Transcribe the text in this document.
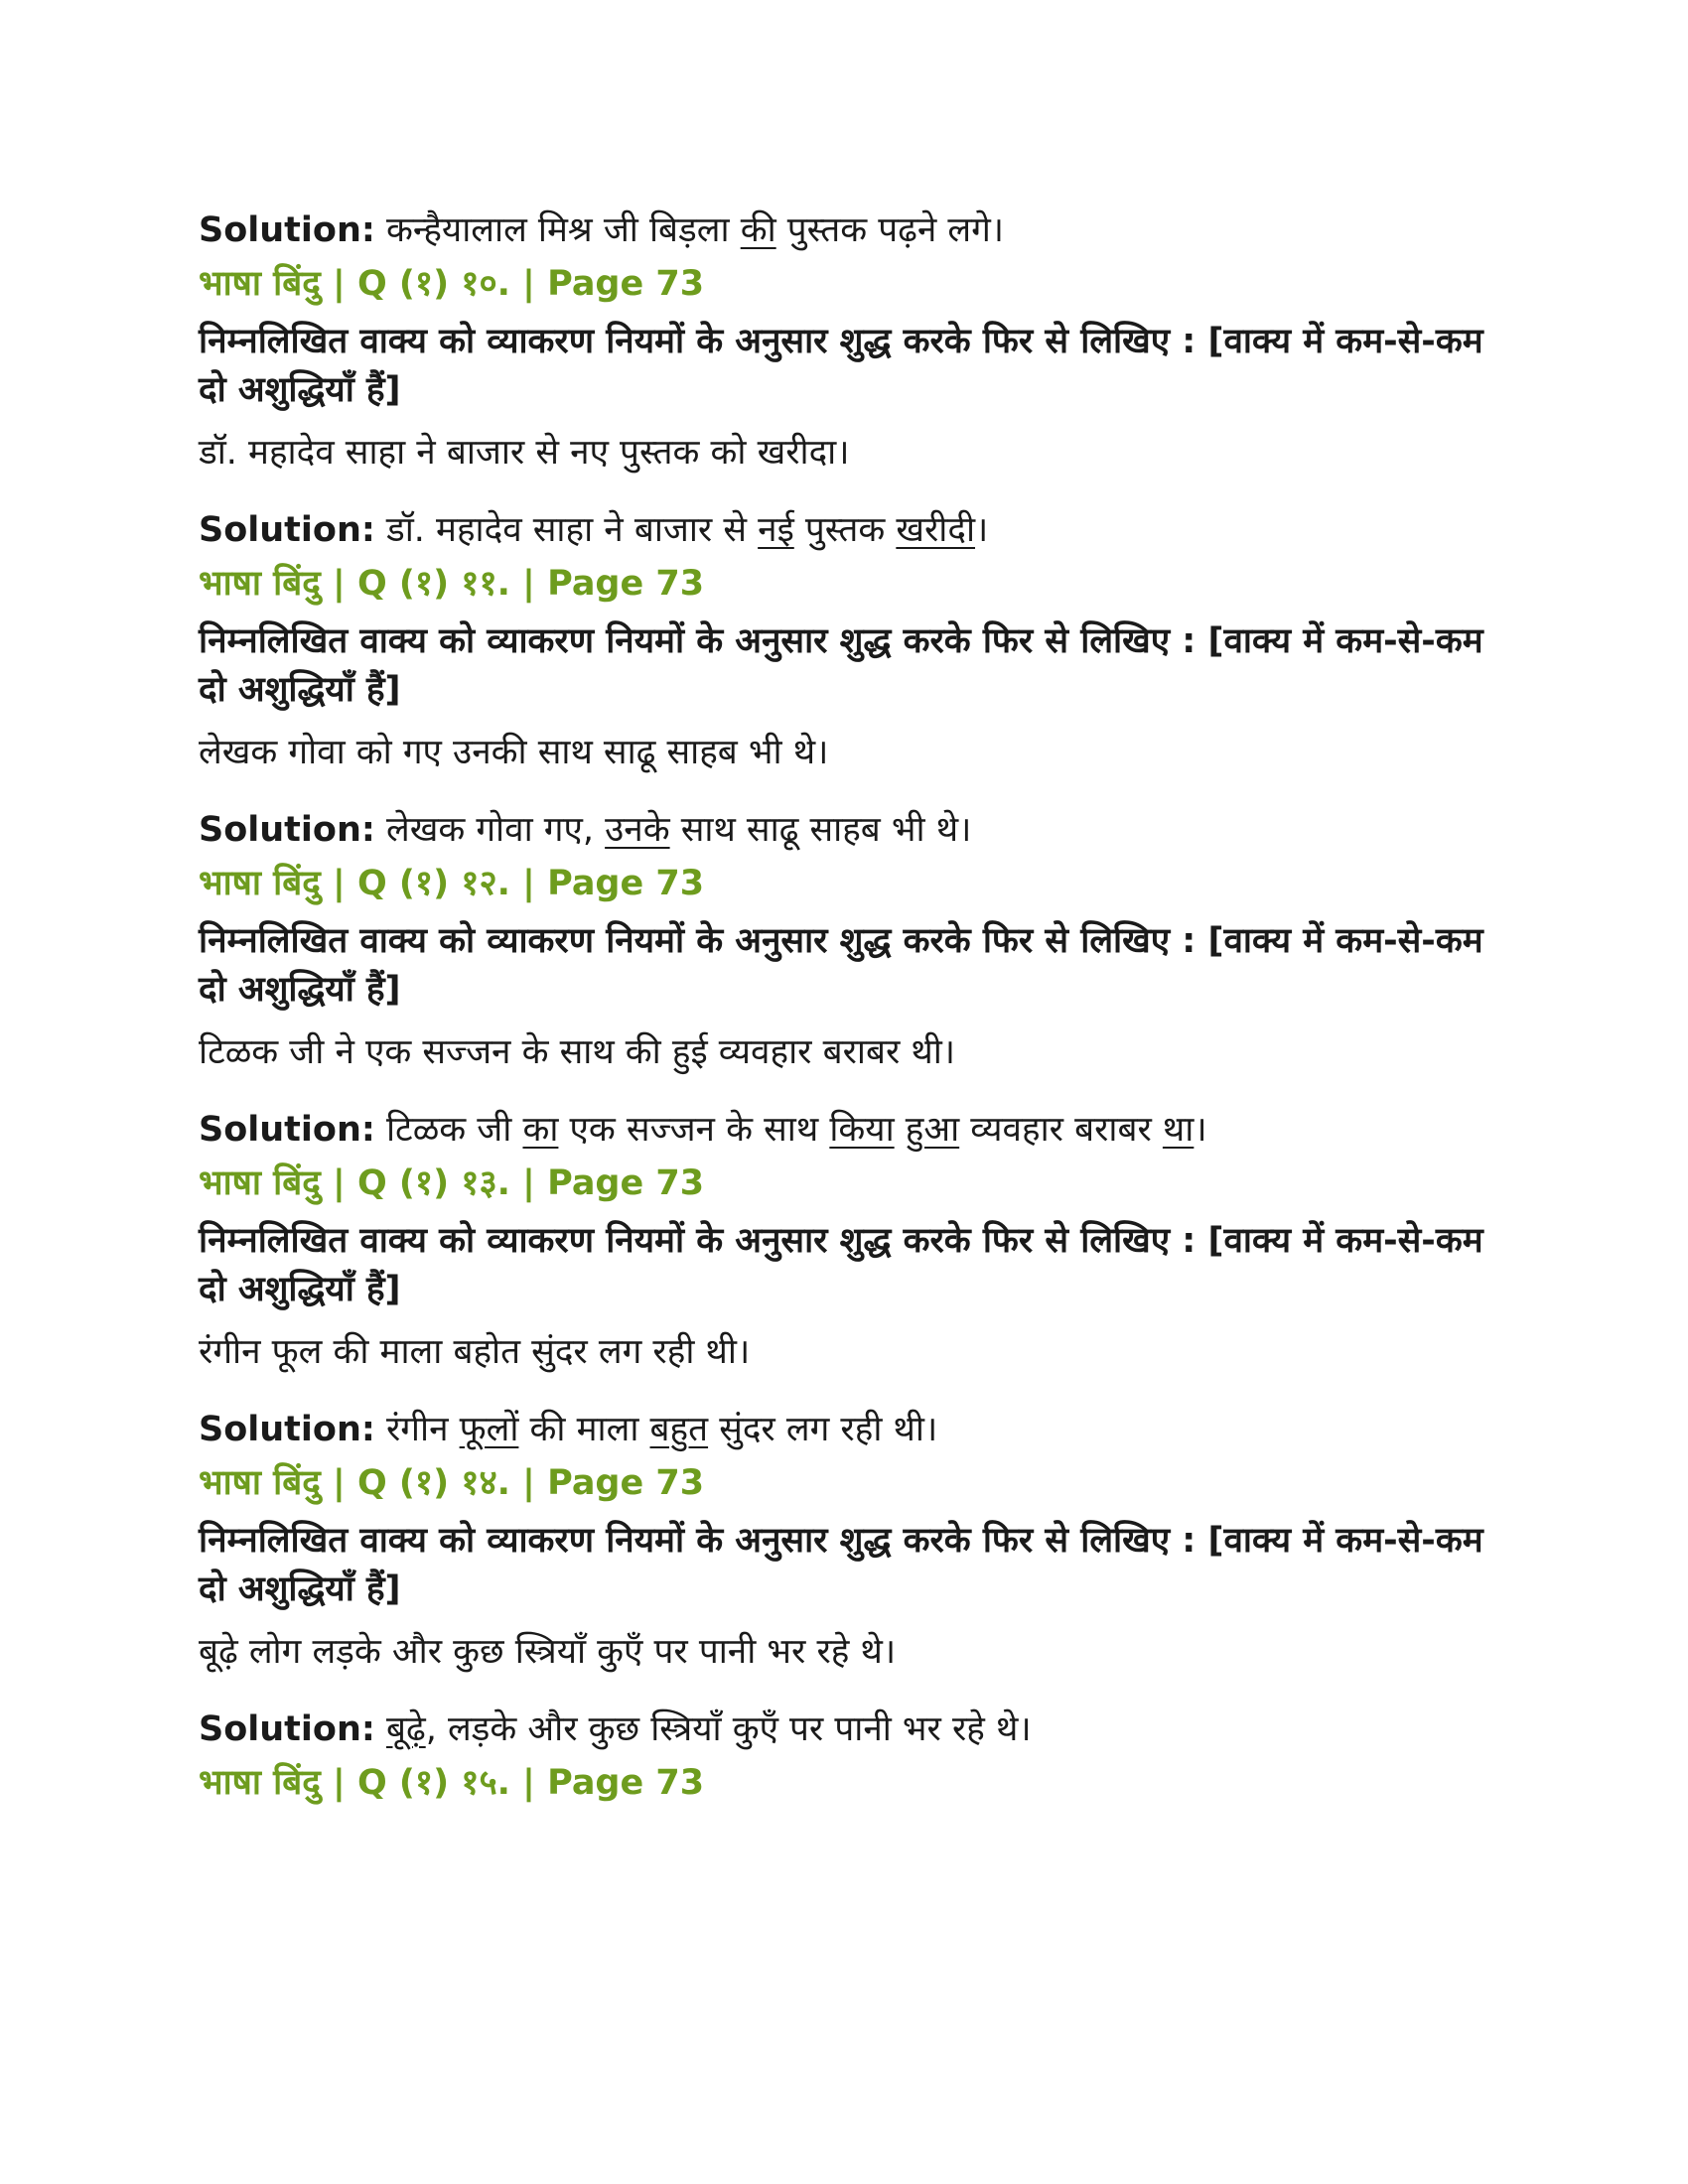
Solution: कन्हैयालाल मिश्र जी बिड़ला की पुस्तक पढ़ने लगे।

भाषा बिंदु | Q (१) १०. | Page 73

निम्नलिखित वाक्य को व्याकरण नियमों के अनुसार शुद्ध करके फिर से लिखिए : [वाक्य में कम-से-कम दो अशुद्धियाँ हैं]

डॉ. महादेव साहा ने बाजार से नए पुस्तक को खरीदा।

Solution: डॉ. महादेव साहा ने बाजार से नई पुस्तक खरीदी।

भाषा बिंदु | Q (१) ११. | Page 73

निम्नलिखित वाक्य को व्याकरण नियमों के अनुसार शुद्ध करके फिर से लिखिए : [वाक्य में कम-से-कम दो अशुद्धियाँ हैं]

लेखक गोवा को गए उनकी साथ साढू साहब भी थे।

Solution: लेखक गोवा गए, उनके साथ साढू साहब भी थे।

भाषा बिंदु | Q (१) १२. | Page 73

निम्नलिखित वाक्य को व्याकरण नियमों के अनुसार शुद्ध करके फिर से लिखिए : [वाक्य में कम-से-कम दो अशुद्धियाँ हैं]

टिळक जी ने एक सज्जन के साथ की हुई व्यवहार बराबर थी।

Solution: टिळक जी का एक सज्जन के साथ किया हुआ व्यवहार बराबर था।

भाषा बिंदु | Q (१) १३. | Page 73

निम्नलिखित वाक्य को व्याकरण नियमों के अनुसार शुद्ध करके फिर से लिखिए : [वाक्य में कम-से-कम दो अशुद्धियाँ हैं]

रंगीन फूल की माला बहोत सुंदर लग रही थी।

Solution: रंगीन फूलों की माला बहुत सुंदर लग रही थी।

भाषा बिंदु | Q (१) १४. | Page 73

निम्नलिखित वाक्य को व्याकरण नियमों के अनुसार शुद्ध करके फिर से लिखिए : [वाक्य में कम-से-कम दो अशुद्धियाँ हैं]

बूढ़े लोग लड़के और कुछ स्त्रियाँ कुएँ पर पानी भर रहे थे।

Solution: बूढ़े, लड़के और कुछ स्त्रियाँ कुएँ पर पानी भर रहे थे।

भाषा बिंदु | Q (१) १५. | Page 73
